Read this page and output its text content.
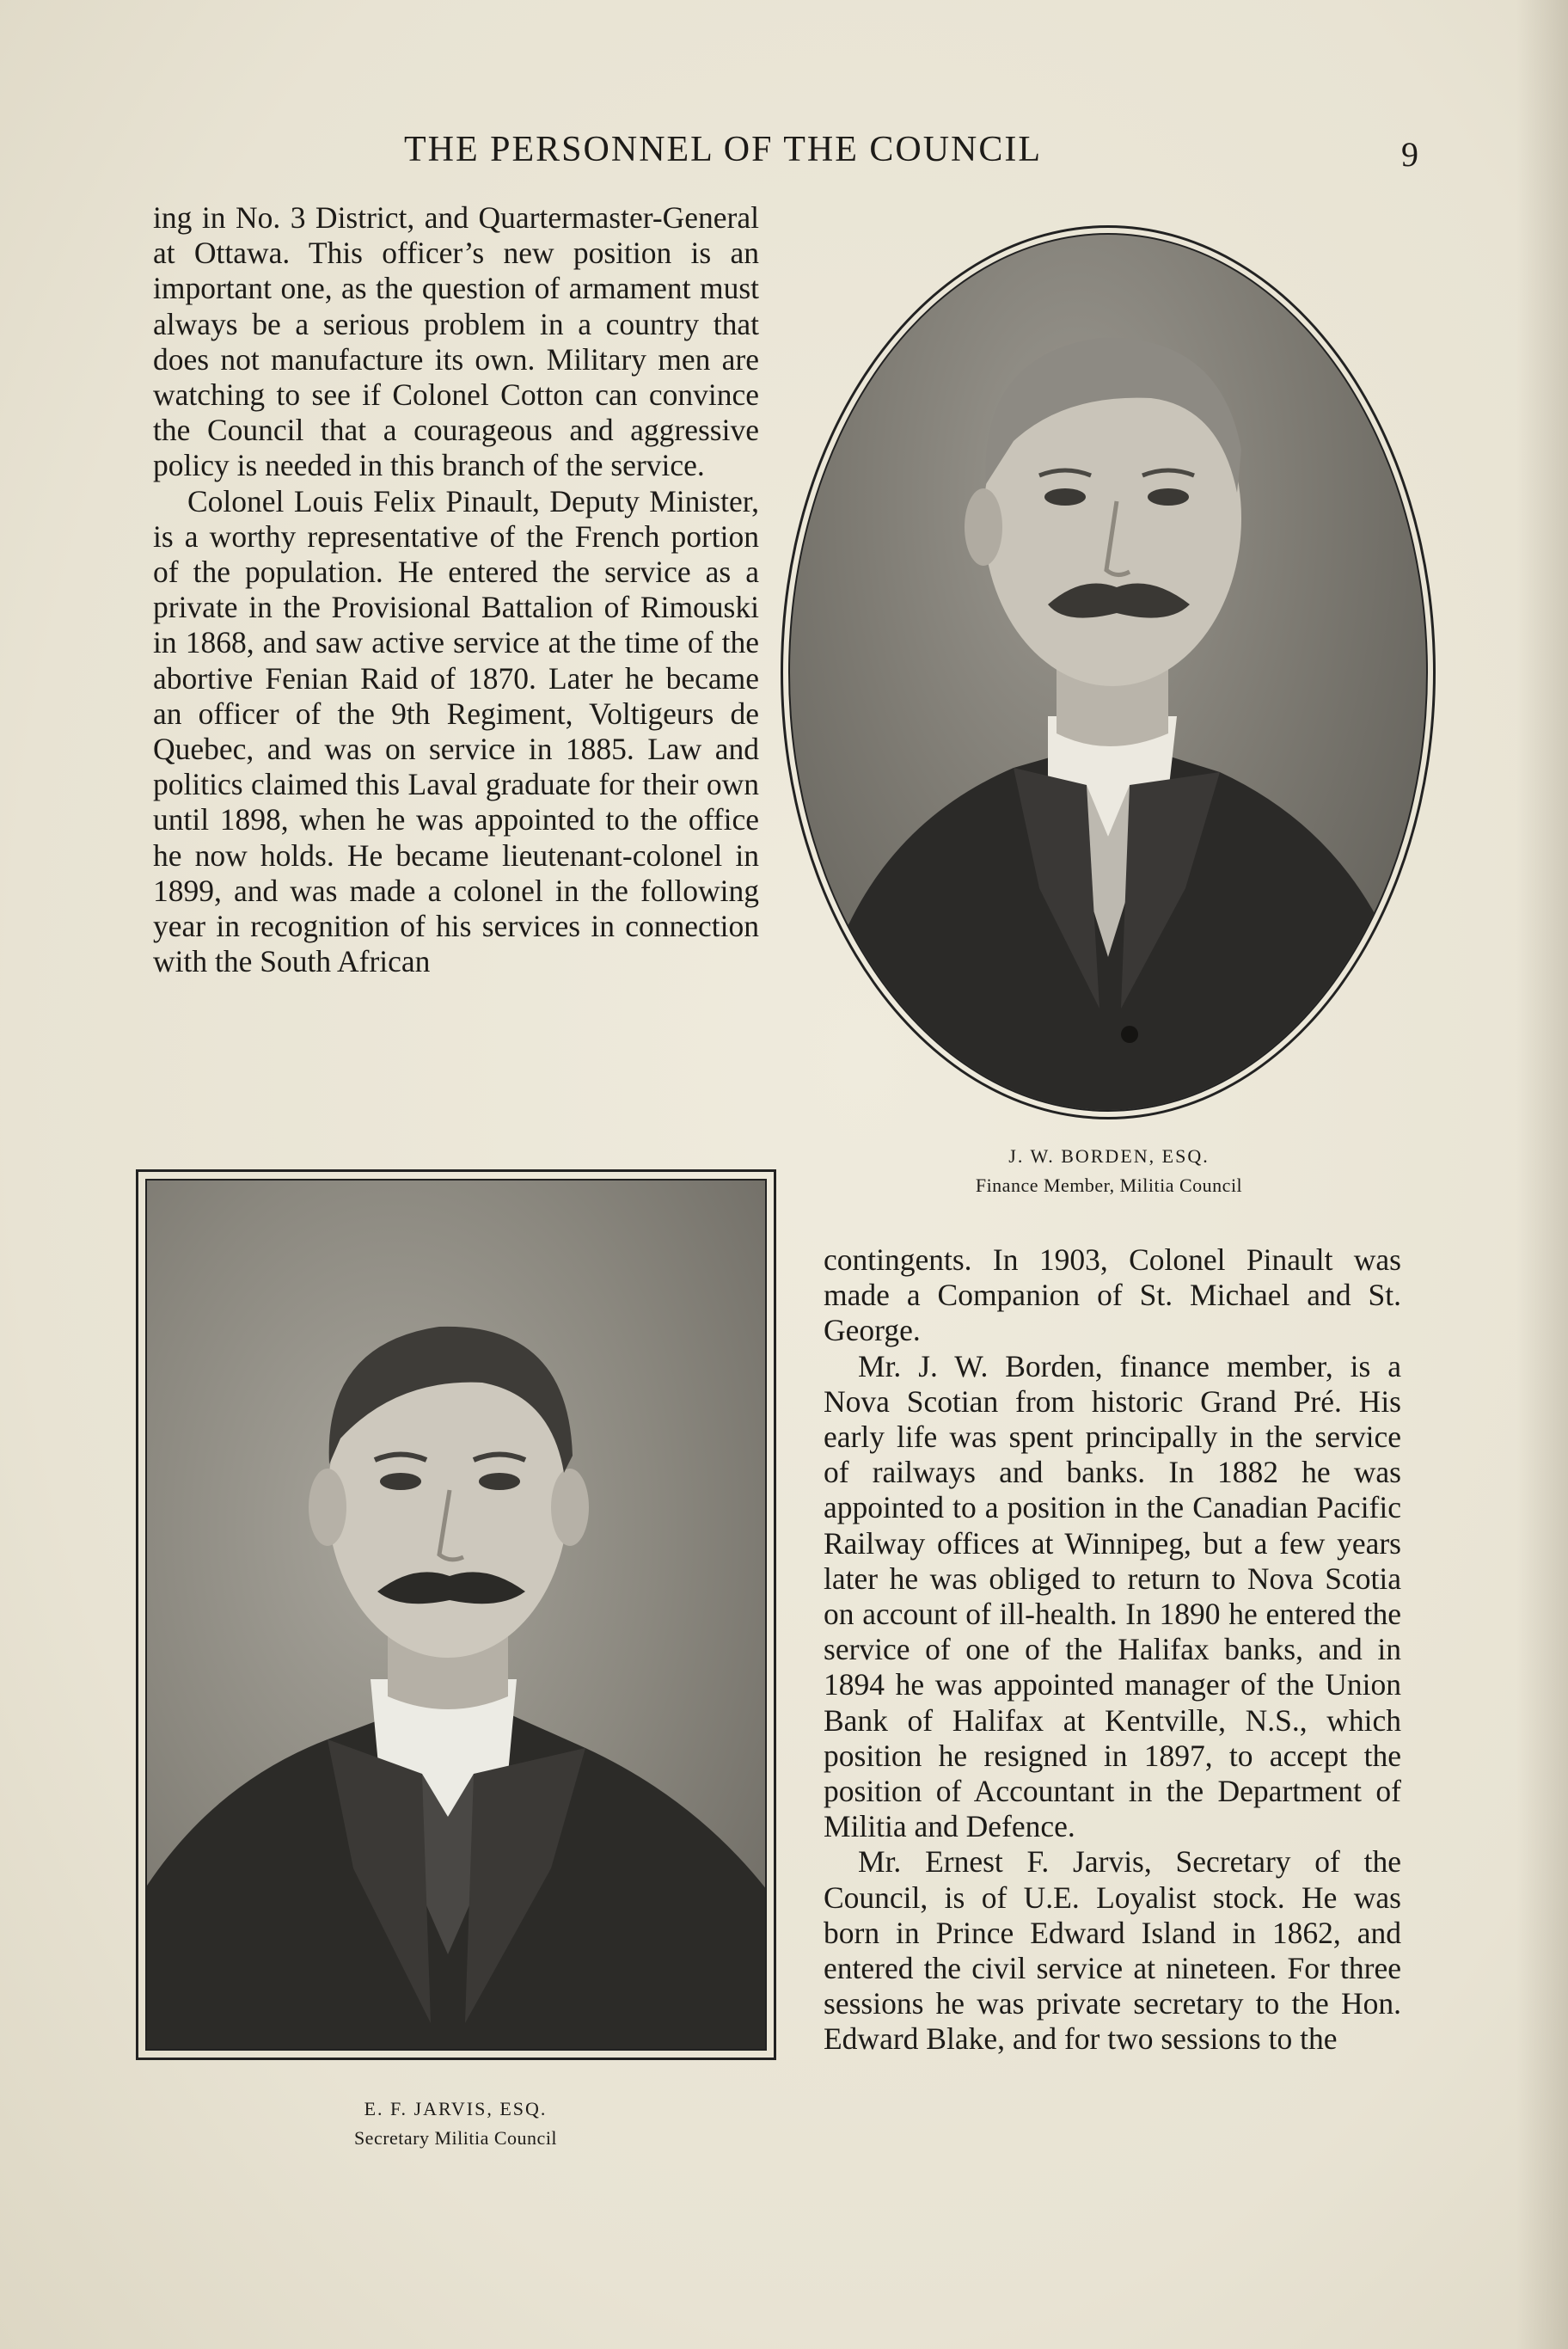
THE PERSONNEL OF THE COUNCIL	9

ing in No. 3 District, and Quartermaster-General at Ottawa. This officer’s new position is an important one, as the question of armament must always be a serious problem in a country that does not manufacture its own. Military men are watching to see if Colonel Cotton can convince the Council that a courageous and aggressive policy is needed in this branch of the service.

Colonel Louis Felix Pinault, Deputy Minister, is a worthy representative of the French portion of the population. He entered the service as a private in the Provisional Battalion of Rimouski in 1868, and saw active service at the time of the abortive Fenian Raid of 1870. Later he became an officer of the 9th Regiment, Voltigeurs de Quebec, and was on service in 1885. Law and politics claimed this Laval graduate for their own until 1898, when he was appointed to the office he now holds. He became lieutenant-colonel in 1899, and was made a colonel in the following year in recognition of his services in connection with the South African

J. W. BORDEN, ESQ.
Finance Member, Militia Council
E. F. JARVIS, ESQ.
Secretary Militia Council

contingents. In 1903, Colonel Pinault was made a Companion of St. Michael and St. George.

Mr. J. W. Borden, finance member, is a Nova Scotian from historic Grand Pré. His early life was spent principally in the service of railways and banks. In 1882 he was appointed to a position in the Canadian Pacific Railway offices at Winnipeg, but a few years later he was obliged to return to Nova Scotia on account of ill-health. In 1890 he entered the service of one of the Halifax banks, and in 1894 he was appointed manager of the Union Bank of Halifax at Kentville, N.S., which position he resigned in 1897, to accept the position of Accountant in the Department of Militia and Defence.

Mr. Ernest F. Jarvis, Secretary of the Council, is of U.E. Loyalist stock. He was born in Prince Edward Island in 1862, and entered the civil service at nineteen. For three sessions he was private secretary to the Hon. Edward Blake, and for two sessions to the
